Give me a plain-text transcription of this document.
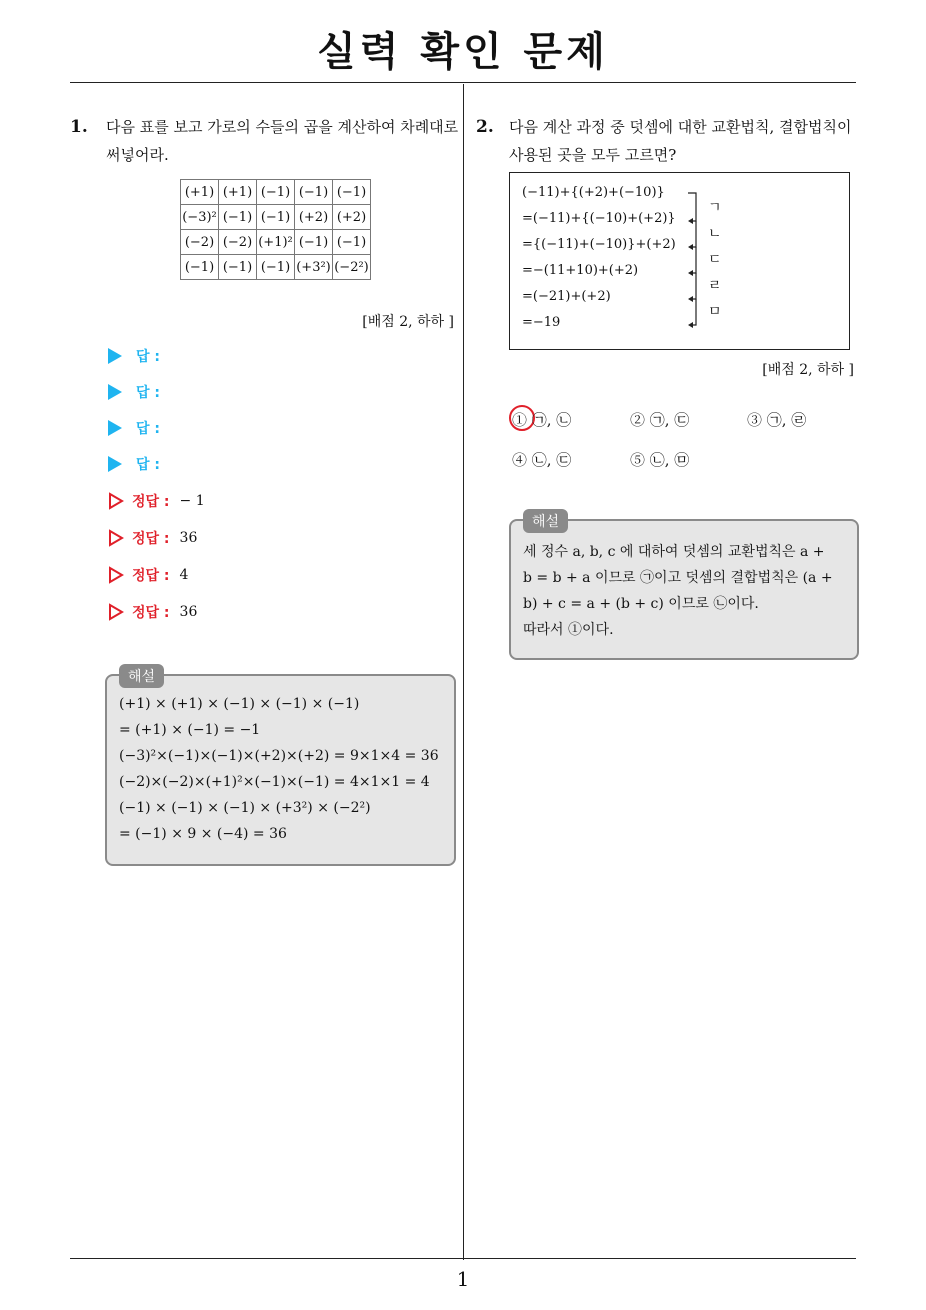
실력 확인 문제
1
1. 다음 표를 보고 가로의 수들의 곱을 계산하여 차례대로
써넣어라.
(+1)	(+1)	(−1)	(−1)	(−1)
(−3)²	(−1)	(−1)	(+2)	(+2)
(−2)	(−2)	(+1)²	(−1)	(−1)
(−1)	(−1)	(−1)	(+3²)	(−2²)
[배점 2, 하하 ]
답 :
답 :
답 :
답 :
정답 : − 1
정답 : 36
정답 : 4
정답 : 36
해설
(+1) × (+1) × (−1) × (−1) × (−1)
= (+1) × (−1) = −1
(−3)²×(−1)×(−1)×(+2)×(+2) = 9×1×4 = 36
(−2)×(−2)×(+1)²×(−1)×(−1) = 4×1×1 = 4
(−1) × (−1) × (−1) × (+3²) × (−2²)
= (−1) × 9 × (−4) = 36
2. 다음 계산 과정 중 덧셈에 대한 교환법칙, 결합법칙이
사용된 곳을 모두 고르면?
(−11)+{(+2)+(−10)}
=(−11)+{(−10)+(+2)}
={(−11)+(−10)}+(+2)
=−(11+10)+(+2)
=(−21)+(+2)
=−19
ㄱ
ㄴ
ㄷ
ㄹ
ㅁ
[배점 2, 하하 ]
① ㉠, ㉡	② ㉠, ㉢	③ ㉠, ㉣
④ ㉡, ㉢	⑤ ㉡, ㉤
해설
세 정수 a, b, c 에 대하여 덧셈의 교환법칙은 a +
b = b + a 이므로 ㉠이고 덧셈의 결합법칙은 (a +
b) + c = a + (b + c) 이므로 ㉡이다.
따라서 ①이다.
